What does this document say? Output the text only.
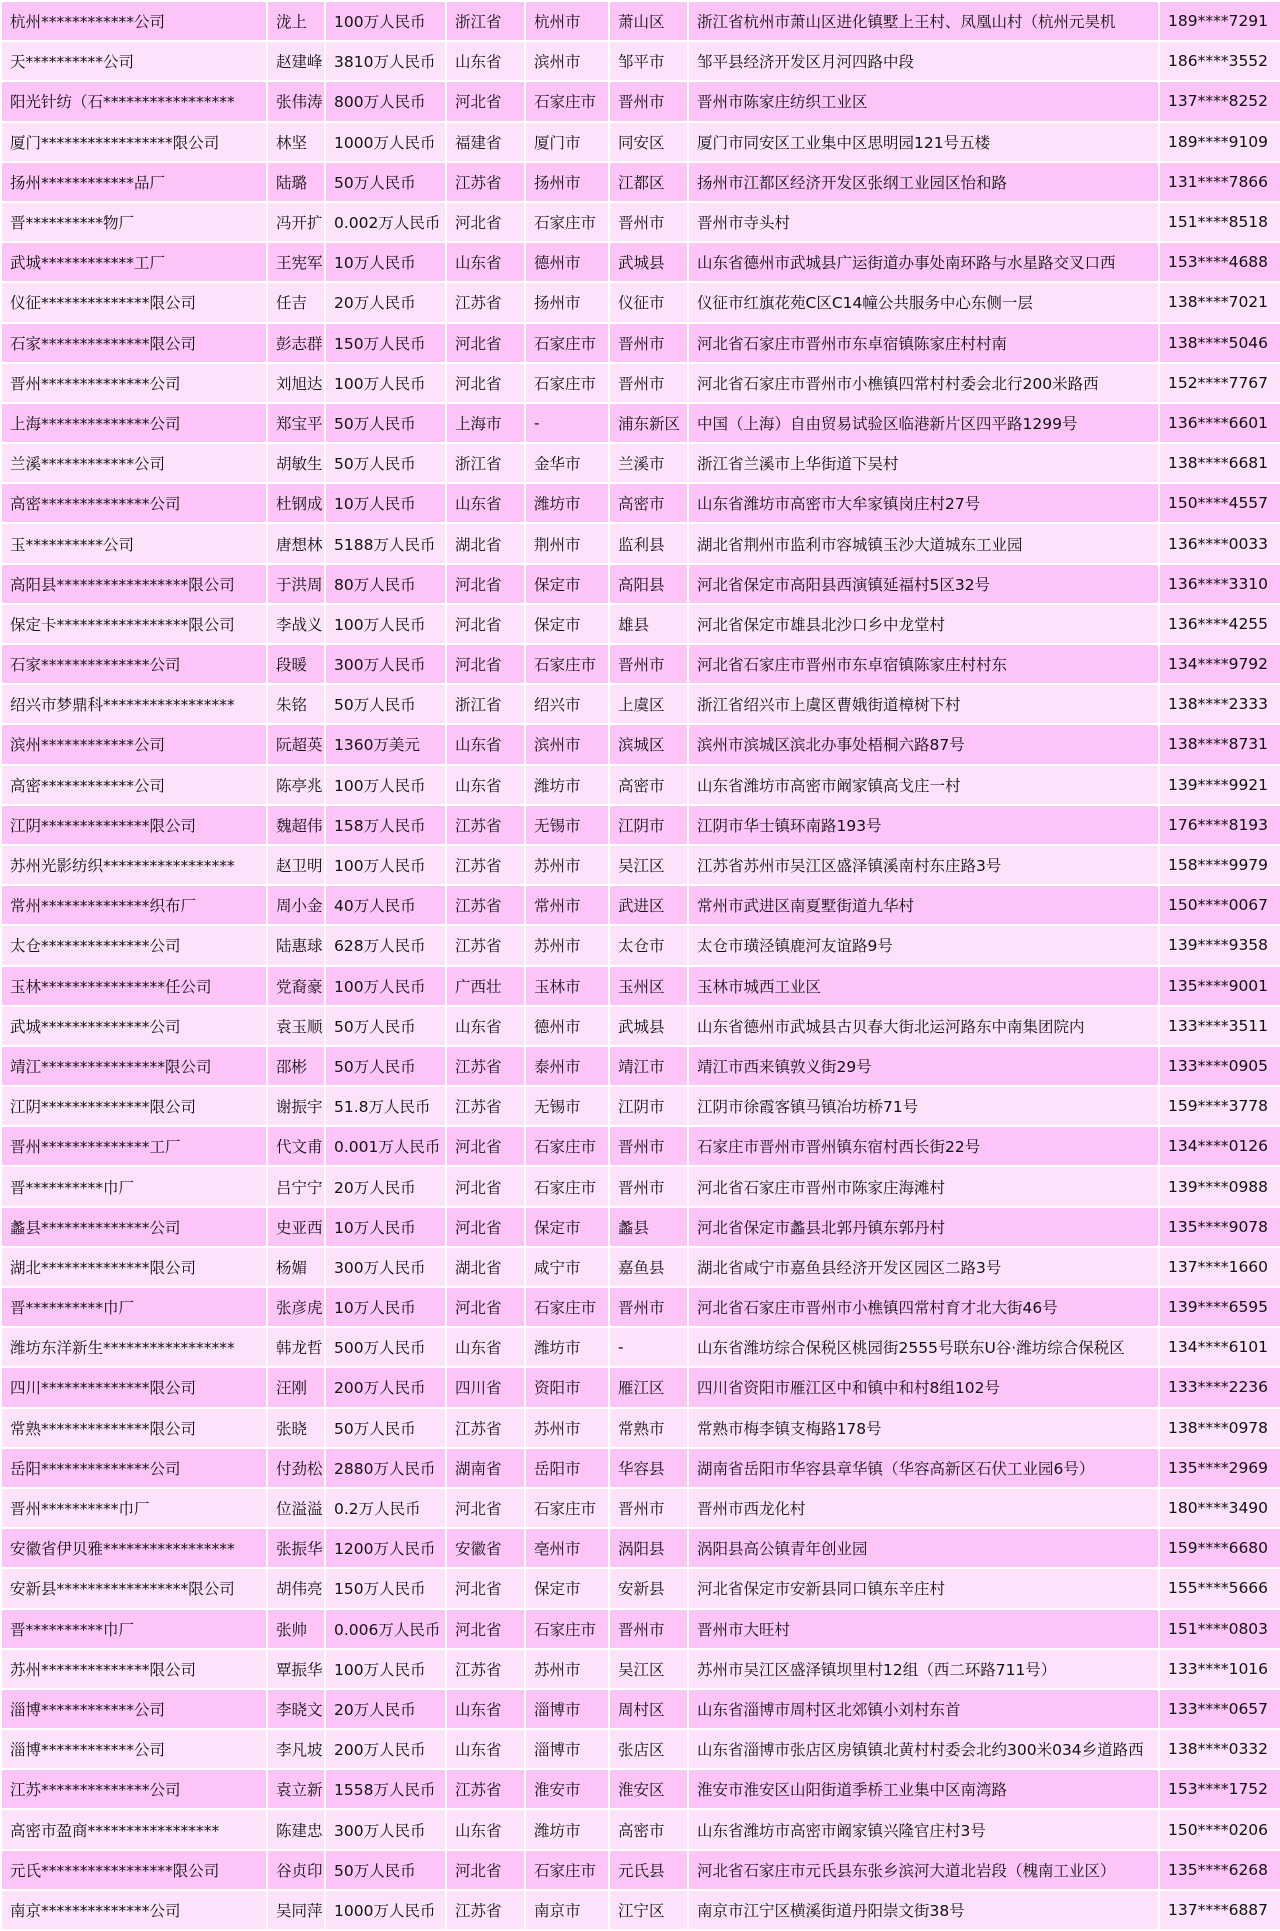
杭州************公司	泷上	100万人民币	浙江省	杭州市	萧山区	浙江省杭州市萧山区进化镇墅上王村、凤凰山村（杭州元昊机	189****7291
天**********公司	赵建峰	3810万人民币	山东省	滨州市	邹平市	邹平县经济开发区月河四路中段	186****3552
阳光针纺（石*****************	张伟涛	800万人民币	河北省	石家庄市	晋州市	晋州市陈家庄纺织工业区	137****8252
厦门*****************限公司	林坚	1000万人民币	福建省	厦门市	同安区	厦门市同安区工业集中区思明园121号五楼	189****9109
扬州************品厂	陆璐	50万人民币	江苏省	扬州市	江都区	扬州市江都区经济开发区张纲工业园区怡和路	131****7866
晋**********物厂	冯开扩	0.002万人民币	河北省	石家庄市	晋州市	晋州市寺头村	151****8518
武城************工厂	王宪军	10万人民币	山东省	德州市	武城县	山东省德州市武城县广运街道办事处南环路与水星路交叉口西	153****4688
仪征**************限公司	任吉	20万人民币	江苏省	扬州市	仪征市	仪征市红旗花苑C区C14幢公共服务中心东侧一层	138****7021
石家**************限公司	彭志群	150万人民币	河北省	石家庄市	晋州市	河北省石家庄市晋州市东卓宿镇陈家庄村村南	138****5046
晋州**************公司	刘旭达	100万人民币	河北省	石家庄市	晋州市	河北省石家庄市晋州市小樵镇四常村村委会北行200米路西	152****7767
上海**************公司	郑宝平	50万人民币	上海市	-	浦东新区	中国（上海）自由贸易试验区临港新片区四平路1299号	136****6601
兰溪************公司	胡敏生	50万人民币	浙江省	金华市	兰溪市	浙江省兰溪市上华街道下吴村	138****6681
高密**************公司	杜钢成	10万人民币	山东省	潍坊市	高密市	山东省潍坊市高密市大牟家镇岗庄村27号	150****4557
玉**********公司	唐想林	5188万人民币	湖北省	荆州市	监利县	湖北省荆州市监利市容城镇玉沙大道城东工业园	136****0033
高阳县*****************限公司	于洪周	80万人民币	河北省	保定市	高阳县	河北省保定市高阳县西演镇延福村5区32号	136****3310
保定卡*****************限公司	李战义	100万人民币	河北省	保定市	雄县	河北省保定市雄县北沙口乡中龙堂村	136****4255
石家**************公司	段暖	300万人民币	河北省	石家庄市	晋州市	河北省石家庄市晋州市东卓宿镇陈家庄村村东	134****9792
绍兴市梦鼎科*****************	朱铭	50万人民币	浙江省	绍兴市	上虞区	浙江省绍兴市上虞区曹娥街道樟树下村	138****2333
滨州************公司	阮超英	1360万美元	山东省	滨州市	滨城区	滨州市滨城区滨北办事处梧桐六路87号	138****8731
高密************公司	陈亭兆	100万人民币	山东省	潍坊市	高密市	山东省潍坊市高密市阚家镇高戈庄一村	139****9921
江阴**************限公司	魏超伟	158万人民币	江苏省	无锡市	江阴市	江阴市华士镇环南路193号	176****8193
苏州光影纺织*****************	赵卫明	100万人民币	江苏省	苏州市	吴江区	江苏省苏州市吴江区盛泽镇溪南村东庄路3号	158****9979
常州**************织布厂	周小金	40万人民币	江苏省	常州市	武进区	常州市武进区南夏墅街道九华村	150****0067
太仓**************公司	陆惠球	628万人民币	江苏省	苏州市	太仓市	太仓市璜泾镇鹿河友谊路9号	139****9358
玉林****************任公司	党裔豪	100万人民币	广西壮	玉林市	玉州区	玉林市城西工业区	135****9001
武城**************公司	袁玉顺	50万人民币	山东省	德州市	武城县	山东省德州市武城县古贝春大街北运河路东中南集团院内	133****3511
靖江****************限公司	邵彬	50万人民币	江苏省	泰州市	靖江市	靖江市西来镇敦义街29号	133****0905
江阴**************限公司	谢振宇	51.8万人民币	江苏省	无锡市	江阴市	江阴市徐霞客镇马镇冶坊桥71号	159****3778
晋州**************工厂	代文甫	0.001万人民币	河北省	石家庄市	晋州市	石家庄市晋州市晋州镇东宿村西长街22号	134****0126
晋**********巾厂	吕宁宁	20万人民币	河北省	石家庄市	晋州市	河北省石家庄市晋州市陈家庄海滩村	139****0988
蠡县**************公司	史亚西	10万人民币	河北省	保定市	蠡县	河北省保定市蠡县北郭丹镇东郭丹村	135****9078
湖北**************限公司	杨媚	300万人民币	湖北省	咸宁市	嘉鱼县	湖北省咸宁市嘉鱼县经济开发区园区二路3号	137****1660
晋**********巾厂	张彦虎	10万人民币	河北省	石家庄市	晋州市	河北省石家庄市晋州市小樵镇四常村育才北大街46号	139****6595
潍坊东洋新生*****************	韩龙哲	500万人民币	山东省	潍坊市	-	山东省潍坊综合保税区桃园街2555号联东U谷·潍坊综合保税区	134****6101
四川**************限公司	汪刚	200万人民币	四川省	资阳市	雁江区	四川省资阳市雁江区中和镇中和村8组102号	133****2236
常熟**************限公司	张晓	50万人民币	江苏省	苏州市	常熟市	常熟市梅李镇支梅路178号	138****0978
岳阳**************公司	付劲松	2880万人民币	湖南省	岳阳市	华容县	湖南省岳阳市华容县章华镇（华容高新区石伏工业园6号）	135****2969
晋州**********巾厂	位溢溢	0.2万人民币	河北省	石家庄市	晋州市	晋州市西龙化村	180****3490
安徽省伊贝雅*****************	张振华	1200万人民币	安徽省	亳州市	涡阳县	涡阳县高公镇青年创业园	159****6680
安新县*****************限公司	胡伟亮	150万人民币	河北省	保定市	安新县	河北省保定市安新县同口镇东辛庄村	155****5666
晋**********巾厂	张帅	0.006万人民币	河北省	石家庄市	晋州市	晋州市大旺村	151****0803
苏州**************限公司	覃振华	100万人民币	江苏省	苏州市	吴江区	苏州市吴江区盛泽镇坝里村12组（西二环路711号）	133****1016
淄博************公司	李晓文	20万人民币	山东省	淄博市	周村区	山东省淄博市周村区北郊镇小刘村东首	133****0657
淄博************公司	李凡坡	200万人民币	山东省	淄博市	张店区	山东省淄博市张店区房镇镇北黄村村委会北约300米034乡道路西	138****0332
江苏**************公司	袁立新	1558万人民币	江苏省	淮安市	淮安区	淮安市淮安区山阳街道季桥工业集中区南湾路	153****1752
高密市盈商*****************	陈建忠	300万人民币	山东省	潍坊市	高密市	山东省潍坊市高密市阚家镇兴隆官庄村3号	150****0206
元氏*****************限公司	谷贞印	50万人民币	河北省	石家庄市	元氏县	河北省石家庄市元氏县东张乡滨河大道北岩段（槐南工业区）	135****6268
南京**************公司	吴同萍	1000万人民币	江苏省	南京市	江宁区	南京市江宁区横溪街道丹阳崇文街38号	137****6887
